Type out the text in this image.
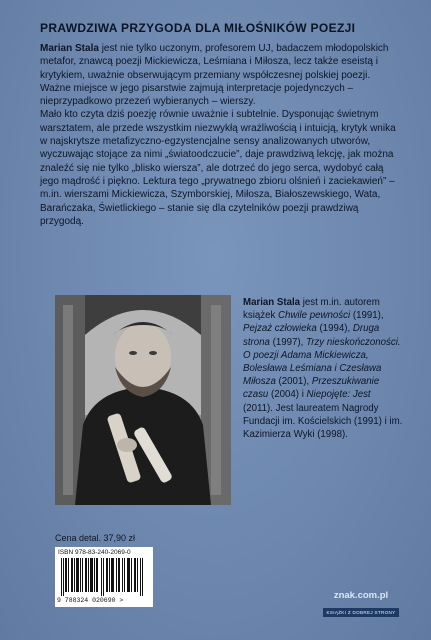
PRAWDZIWA PRZYGODA DLA MIŁOŚNIKÓW POEZJI

Marian Stala jest nie tylko uczonym, profesorem UJ, badaczem młodopolskich metafor, znawcą poezji Mickiewicza, Leśmiana i Miłosza, lecz także eseistą i krytykiem, uważnie obserwującym przemiany współczesnej polskiej poezji. Ważne miejsce w jego pisarstwie zajmują interpretacje pojedynczych – nieprzypadkowo przezeń wybieranych – wierszy.

Mało kto czyta dziś poezję równie uważnie i subtelnie. Dysponując świetnym warsztatem, ale przede wszystkim niezwykłą wrażliwością i intuicją, krytyk wnika w najskrytsze metafizyczno-egzystencjalne sensy analizowanych utworów, wyczuwając stojące za nimi „światoodczucie”, daje prawdziwą lekcję, jak można znaleźć się nie tylko „blisko wiersza”, ale dotrzeć do jego serca, wydobyć całą jego mądrość i piękno. Lektura tego „prywatnego zbioru olśnień i zaciekawień” – m.in. wierszami Mickiewicza, Szymborskiej, Miłosza, Białoszewskiego, Wata, Barańczaka, Świetlickiego – stanie się dla czytelników poezji prawdziwą przygodą.

Marian Stala jest m.in. autorem książek Chwile pewności (1991), Pejzaż człowieka (1994), Druga strona (1997), Trzy nieskończoności. O poezji Adama Mickiewicza, Bolesława Leśmiana i Czesława Miłosza (2001), Przeszukiwanie czasu (2004) i Niepojęte: Jest (2011). Jest laureatem Nagrody Fundacji im. Kościelskich (1991) i im. Kazimierza Wyki (1998).

Cena detal. 37,90 zł
ISBN 978-83-240-2069-0
9 788324 020690 >	znak.com.pl
KSIĄŻKI Z DOBREJ STRONY
